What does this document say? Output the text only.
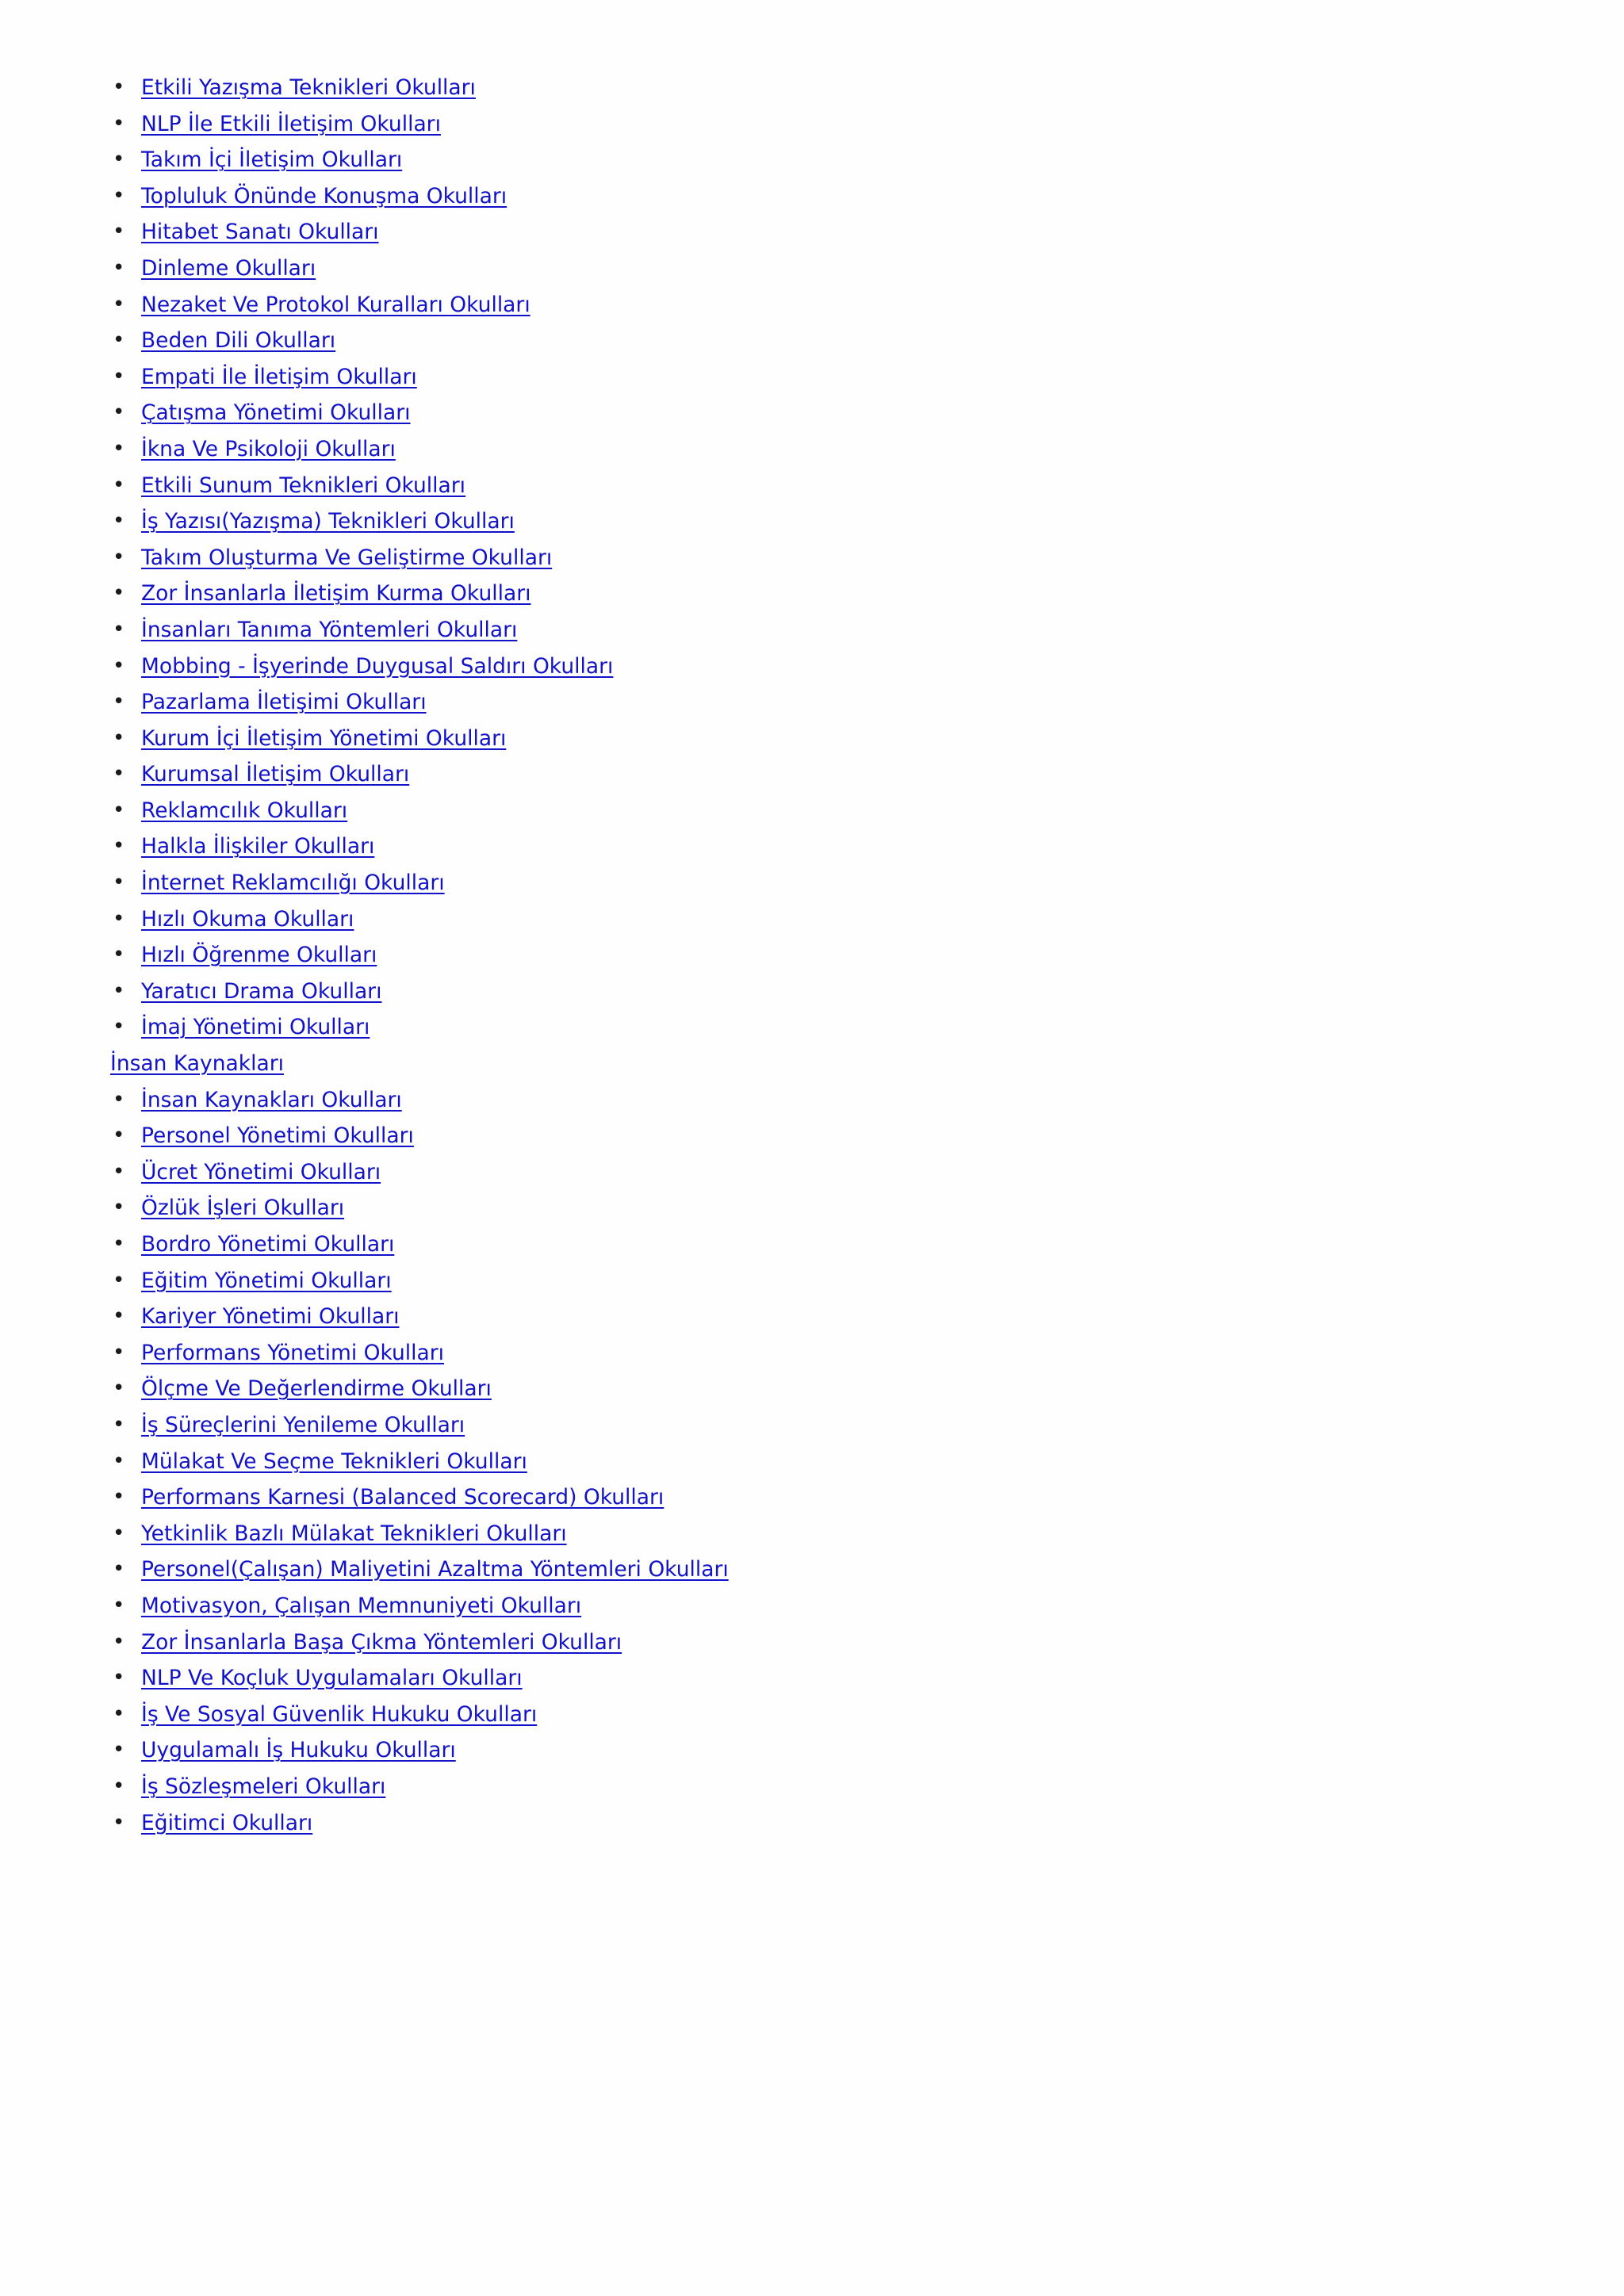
• Etkili Yazışma Teknikleri Okulları
• NLP İle Etkili İletişim Okulları
• Takım İçi İletişim Okulları
• Topluluk Önünde Konuşma Okulları
• Hitabet Sanatı Okulları
• Dinleme Okulları
• Nezaket Ve Protokol Kuralları Okulları
• Beden Dili Okulları
• Empati İle İletişim Okulları
• Çatışma Yönetimi Okulları
• İkna Ve Psikoloji Okulları
• Etkili Sunum Teknikleri Okulları
• İş Yazısı(Yazışma) Teknikleri Okulları
• Takım Oluşturma Ve Geliştirme Okulları
• Zor İnsanlarla İletişim Kurma Okulları
• İnsanları Tanıma Yöntemleri Okulları
• Mobbing - İşyerinde Duygusal Saldırı Okulları
• Pazarlama İletişimi Okulları
• Kurum İçi İletişim Yönetimi Okulları
• Kurumsal İletişim Okulları
• Reklamcılık Okulları
• Halkla İlişkiler Okulları
• İnternet Reklamcılığı Okulları
• Hızlı Okuma Okulları
• Hızlı Öğrenme Okulları
• Yaratıcı Drama Okulları
• İmaj Yönetimi Okulları
İnsan Kaynakları
• İnsan Kaynakları Okulları
• Personel Yönetimi Okulları
• Ücret Yönetimi Okulları
• Özlük İşleri Okulları
• Bordro Yönetimi Okulları
• Eğitim Yönetimi Okulları
• Kariyer Yönetimi Okulları
• Performans Yönetimi Okulları
• Ölçme Ve Değerlendirme Okulları
• İş Süreçlerini Yenileme Okulları
• Mülakat Ve Seçme Teknikleri Okulları
• Performans Karnesi (Balanced Scorecard) Okulları
• Yetkinlik Bazlı Mülakat Teknikleri Okulları
• Personel(Çalışan) Maliyetini Azaltma Yöntemleri Okulları
• Motivasyon, Çalışan Memnuniyeti Okulları
• Zor İnsanlarla Başa Çıkma Yöntemleri Okulları
• NLP Ve Koçluk Uygulamaları Okulları
• İş Ve Sosyal Güvenlik Hukuku Okulları
• Uygulamalı İş Hukuku Okulları
• İş Sözleşmeleri Okulları
• Eğitimci Okulları
